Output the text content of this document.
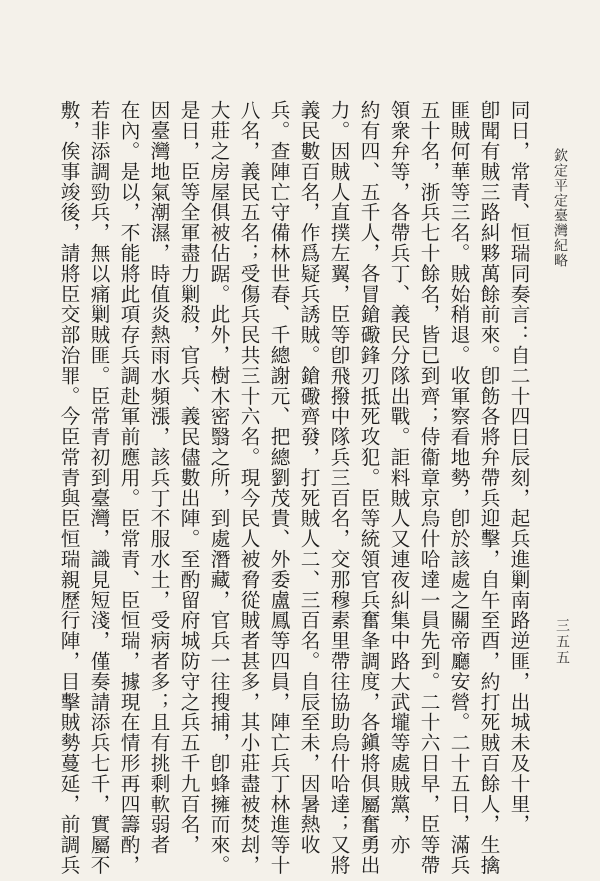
欽定平定臺灣紀略
三五五
同日，常青、恒瑞同奏言：自二十四日辰刻，起兵進剿南路逆匪，出城未及十里，
卽聞有賊三路糾夥萬餘前來。卽飭各將弁帶兵迎擊，自午至酉，約打死賊百餘人，生擒
匪賊何華等三名。賊始稍退。收軍察看地勢，卽於該處之關帝廳安營。二十五日，滿兵
五十名，浙兵七十餘名，皆已到齊；侍衞章京烏什哈達一員先到。二十六日早，臣等帶
領衆弁等，各帶兵丁、義民分隊出戰。詎料賊人又連夜糾集中路大武壠等處賊黨，亦
約有四、五千人，各冒鎗礮鋒刃抵死攻犯。臣等統領官兵奮夆調度，各鎭將俱屬奮勇出
力。因賊人直撲左翼，臣等卽飛撥中隊兵三百名，交那穆素里帶往協助烏什哈達；又將
義民數百名，作爲疑兵誘賊。鎗礮齊發，打死賊人二、三百名。自辰至未，因暑熱收
兵。查陣亡守備林世春、千總謝元、把總劉茂貴、外委盧鳳等四員，陣亡兵丁林進等十
八名，義民五名；受傷兵民共三十六名。現今民人被脅從賊者甚多，其小莊盡被焚刦，
大莊之房屋俱被佔踞。此外，樹木密翳之所，到處潛藏，官兵一往搜捕，卽蜂擁而來。
是日，臣等全軍盡力剿殺，官兵、義民儘數出陣。至酌留府城防守之兵五千九百名，
因臺灣地氣潮濕，時值炎熱雨水頻漲，該兵丁不服水土，受病者多；且有挑剩軟弱者
在內。是以，不能將此項存兵調赴軍前應用。臣常青、臣恒瑞，據現在情形再四籌酌，
若非添調勁兵，無以痛剿賊匪。臣常青初到臺灣，識見短淺，僅奏請添兵七千，實屬不
敷，俟事竣後，請將臣交部治罪。今臣常青與臣恒瑞親歷行陣，目擊賊勢蔓延，前調兵
